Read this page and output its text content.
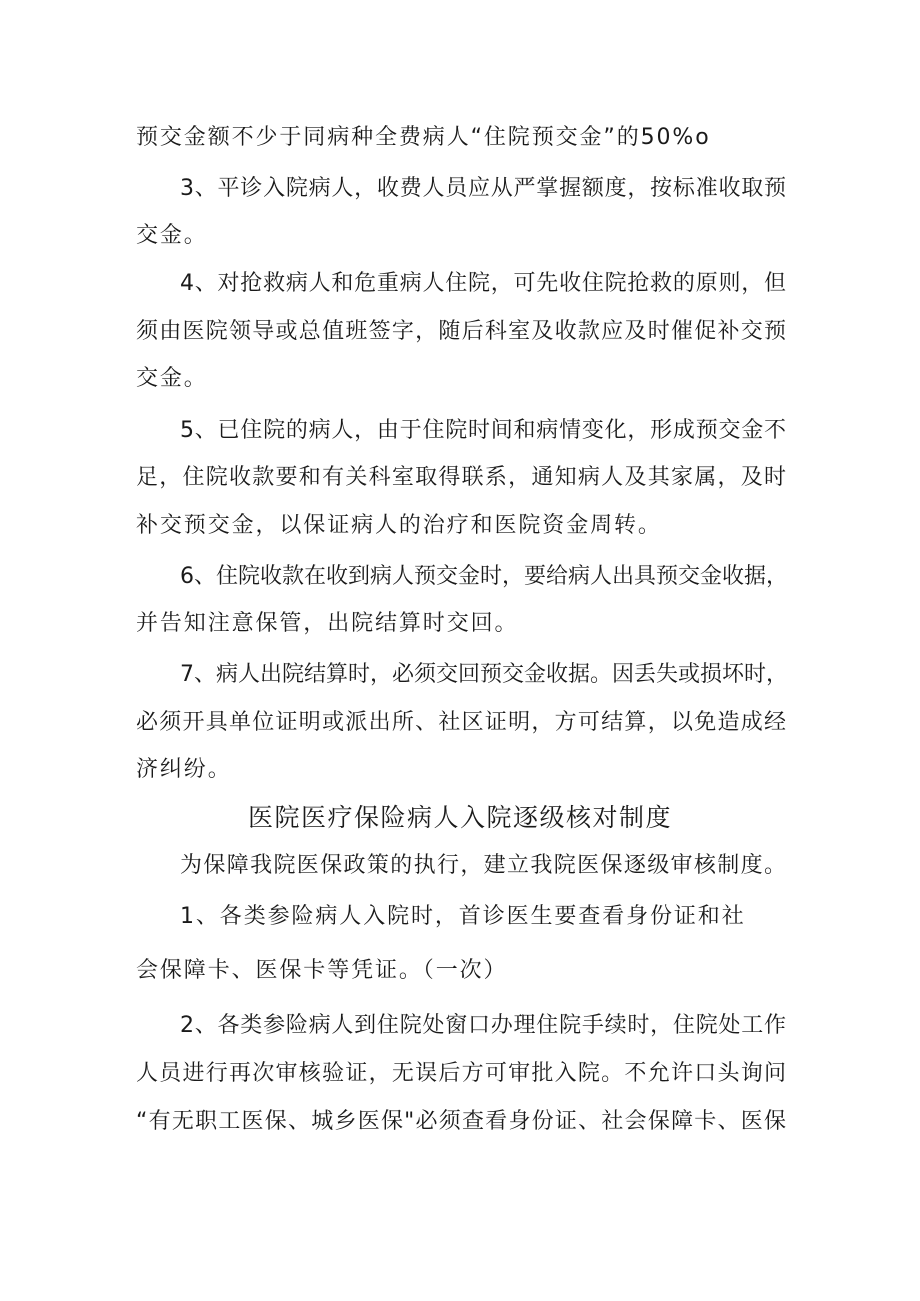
预交金额不少于同病种全费病人“住院预交金”的50%o
3、平诊入院病人，收费人员应从严掌握额度，按标准收取预
交金。
4、对抢救病人和危重病人住院，可先收住院抢救的原则，但
须由医院领导或总值班签字，随后科室及收款应及时催促补交预
交金。
5、已住院的病人，由于住院时间和病情变化，形成预交金不
足，住院收款要和有关科室取得联系，通知病人及其家属，及时
补交预交金，以保证病人的治疗和医院资金周转。
6、住院收款在收到病人预交金时，要给病人出具预交金收据，
并告知注意保管，出院结算时交回。
7、病人出院结算时，必须交回预交金收据。因丢失或损坏时，
必须开具单位证明或派出所、社区证明，方可结算，以免造成经
济纠纷。
医院医疗保险病人入院逐级核对制度
为保障我院医保政策的执行，建立我院医保逐级审核制度。
1、各类参险病人入院时，首诊医生要查看身份证和社
会保障卡、医保卡等凭证。（一次）
2、各类参险病人到住院处窗口办理住院手续时，住院处工作
人员进行再次审核验证，无误后方可审批入院。不允许口头询问
“有无职工医保、城乡医保"必须查看身份证、社会保障卡、医保
